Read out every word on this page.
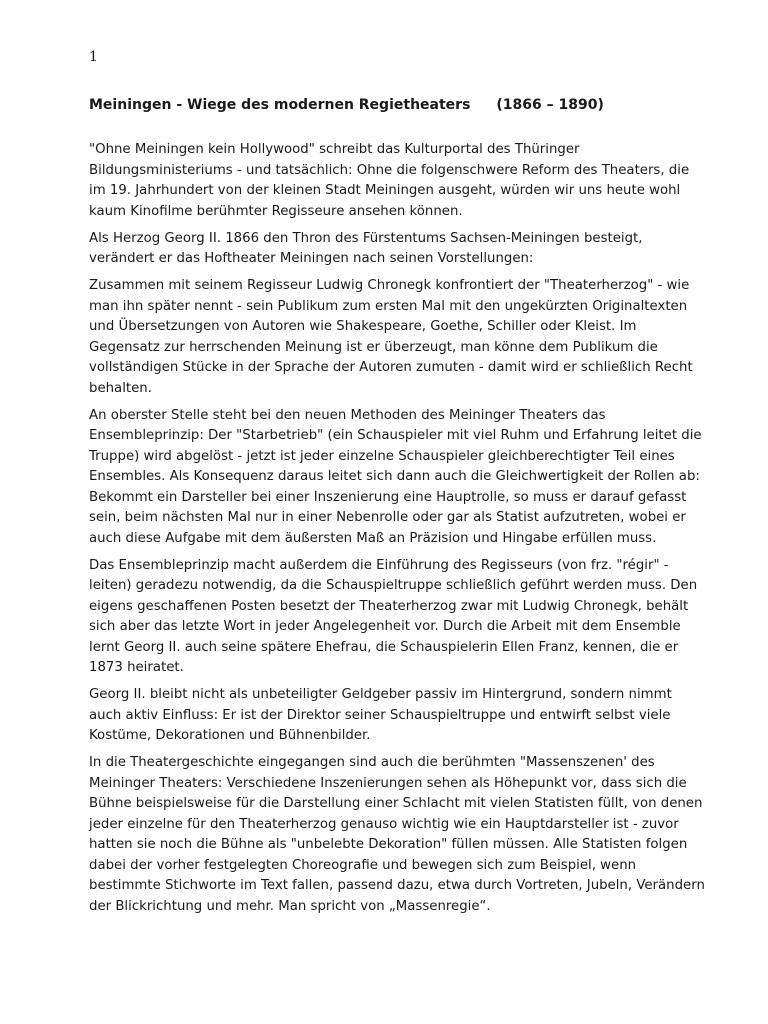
1
Meiningen - Wiege des modernen Regietheaters (1866 – 1890)

"Ohne Meiningen kein Hollywood" schreibt das Kulturportal des Thüringer Bildungsministeriums - und tatsächlich: Ohne die folgenschwere Reform des Theaters, die im 19. Jahrhundert von der kleinen Stadt Meiningen ausgeht, würden wir uns heute wohl kaum Kinofilme berühmter Regisseure ansehen können.

Als Herzog Georg II. 1866 den Thron des Fürstentums Sachsen-Meiningen besteigt, verändert er das Hoftheater Meiningen nach seinen Vorstellungen:

Zusammen mit seinem Regisseur Ludwig Chronegk konfrontiert der "Theaterherzog" - wie man ihn später nennt - sein Publikum zum ersten Mal mit den ungekürzten Originaltexten und Übersetzungen von Autoren wie Shakespeare, Goethe, Schiller oder Kleist. Im Gegensatz zur herrschenden Meinung ist er überzeugt, man könne dem Publikum die vollständigen Stücke in der Sprache der Autoren zumuten - damit wird er schließlich Recht behalten.

An oberster Stelle steht bei den neuen Methoden des Meininger Theaters das Ensembleprinzip: Der "Starbetrieb" (ein Schauspieler mit viel Ruhm und Erfahrung leitet die Truppe) wird abgelöst - jetzt ist jeder einzelne Schauspieler gleichberechtigter Teil eines Ensembles. Als Konsequenz daraus leitet sich dann auch die Gleichwertigkeit der Rollen ab: Bekommt ein Darsteller bei einer Inszenierung eine Hauptrolle, so muss er darauf gefasst sein, beim nächsten Mal nur in einer Nebenrolle oder gar als Statist aufzutreten, wobei er auch diese Aufgabe mit dem äußersten Maß an Präzision und Hingabe erfüllen muss.

Das Ensembleprinzip macht außerdem die Einführung des Regisseurs (von frz. "régir" -leiten) geradezu notwendig, da die Schauspieltruppe schließlich geführt werden muss. Den eigens geschaffenen Posten besetzt der Theaterherzog zwar mit Ludwig Chronegk, behält sich aber das letzte Wort in jeder Angelegenheit vor. Durch die Arbeit mit dem Ensemble lernt Georg II. auch seine spätere Ehefrau, die Schauspielerin Ellen Franz, kennen, die er 1873 heiratet.

Georg II. bleibt nicht als unbeteiligter Geldgeber passiv im Hintergrund, sondern nimmt auch aktiv Einfluss: Er ist der Direktor seiner Schauspieltruppe und entwirft selbst viele Kostüme, Dekorationen und Bühnenbilder.

In die Theatergeschichte eingegangen sind auch die berühmten "Massenszenen' des Meininger Theaters: Verschiedene Inszenierungen sehen als Höhepunkt vor, dass sich die Bühne beispielsweise für die Darstellung einer Schlacht mit vielen Statisten füllt, von denen jeder einzelne für den Theaterherzog genauso wichtig wie ein Hauptdarsteller ist - zuvor hatten sie noch die Bühne als "unbelebte Dekoration" füllen müssen. Alle Statisten folgen dabei der vorher festgelegten Choreografie und bewegen sich zum Beispiel, wenn bestimmte Stichworte im Text fallen, passend dazu, etwa durch Vortreten, Jubeln, Verändern der Blickrichtung und mehr. Man spricht von „Massenregie“.
